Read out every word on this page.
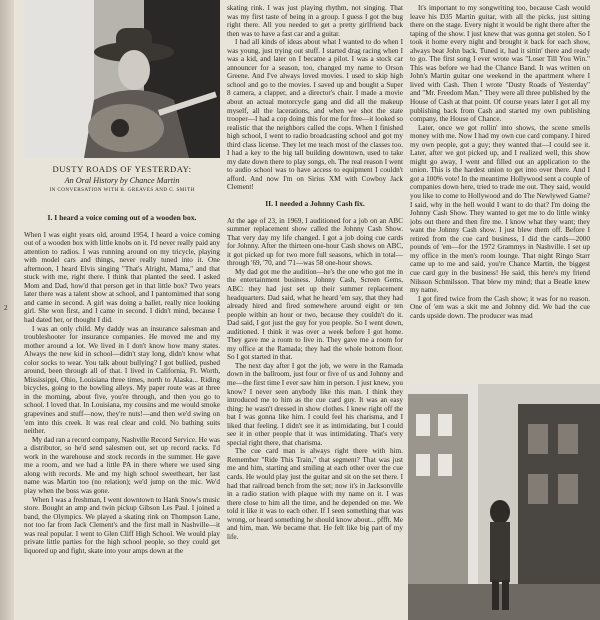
2
DUSTY ROADS OF YESTERDAY:
An Oral History by Chance Martin
IN CONVERSATION WITH B. GREAVES AND C. SMITH
I. I heard a voice coming out of a wooden box.

When I was eight years old, around 1954, I heard a voice coming out of a wooden box with little knobs on it. I'd never really paid any attention to radios. I was running around on my tricycle, playing with model cars and things, never really tuned into it. One afternoon, I heard Elvis singing "That's Alright, Mama," and that stuck with me, right there. I think that planted the seed. I asked Mom and Dad, how'd that person get in that little box? Two years later there was a talent show at school, and I pantomimed that song and came in second. A girl was doing a ballet, really nice looking girl. She won first, and I came in second. I didn't mind, because I had dated her, or thought I did.

I was an only child. My daddy was an insurance salesman and troubleshooter for insurance companies. He moved me and my mother around a lot. We lived in I don't know how many states. Always the new kid in school—didn't stay long, didn't know what color socks to wear. You talk about bullying? I got bullied, pushed around, been through all of that. I lived in California, Ft. Worth, Mississippi, Ohio, Louisiana three times, north to Alaska... Riding bicycles, going to the bowling alleys. My paper route was at three in the morning, about five, you're through, and then you go to school. I loved that. In Louisiana, my cousins and me would smoke grapevines and stuff—now, they're nuts!—and then we'd swing on 'em into this creek. It was real clear and cold. No bathing suits neither.

My dad ran a record company, Nashville Record Service. He was a distributor, so he'd send salesmen out, set up record racks. I'd work in the warehouse and stock records in the summer. He gave me a room, and we had a little PA in there where we used sing along with records. Me and my high school sweetheart, her last name was Martin too (no relation); we'd jump on the mic. We'd play when the boss was gone.

When I was a freshman, I went downtown to Hank Snow's music store. Bought an amp and twin pickup Gibson Les Paul. I joined a band, the Olympics. We played a skating rink on Thompson Lane, not too far from Jack Clement's and the first mall in Nashville—it was real popular. I went to Glen Cliff High School. We would play private little parties for the high school people, so they could get liquored up and fight, skate into your amps down at the

skating rink. I was just playing rhythm, not singing. That was my first taste of being in a group. I guess I got the bug right there. All you needed to get a pretty girlfriend back then was to have a fast car and a guitar.

I had all kinds of ideas about what I wanted to do when I was young, just trying out stuff. I started drag racing when I was a kid, and later on I became a pilot. I was a stock car announcer for a season, too, changed my name to Orson Greene. And I've always loved movies. I used to skip high school and go to the movies. I saved up and bought a Super 8 camera, a clapper, and a director's chair. I made a movie about an actual motorcycle gang and did all the makeup myself, all the lacerations, and when we shot the state trooper—I had a cop doing this for me for free—it looked so realistic that the neighbors called the cops. When I finished high school, I went to radio broadcasting school and got my third class license. They let me teach most of the classes too. I had a key to the big tall building downtown, used to take my date down there to play songs, eh. The real reason I went to audio school was to have access to equipment I couldn't afford. And now I'm on Sirius XM with Cowboy Jack Clement!

II. I needed a Johnny Cash fix.

At the age of 23, in 1969, I auditioned for a job on an ABC summer replacement show called the Johnny Cash Show. That very day my life changed. I got a job doing cue cards for Johnny. After the thirteen one-hour Cash shows on ABC, it got picked up for two more full seasons, which in total—through '69, '70, and '71—was 58 one-hour shows.

My dad got me the audition—he's the one who got me in the entertainment business. Johnny Cash, Screen Gems, ABC: they had just set up their summer replacement headquarters. Dad said, what he heard 'em say, that they had already hired and fired somewhere around eight or ten people within an hour or two, because they couldn't do it. Dad said, I got just the guy for you people. So I went down, auditioned. I think it was over a week before I got home. They gave me a room to live in. They gave me a room for my office at the Ramada; they had the whole bottom floor. So I got started in that.

The next day after I got the job, we were in the Ramada down in the ballroom, just four or five of us and Johnny and me—the first time I ever saw him in person. I just knew, you know? I never seen anybody like this man. I think they introduced me to him as the cue card guy. It was an easy thing: he wasn't dressed in show clothes. I knew right off the bat I was gonna like him. I could feel his charisma, and I liked that feeling. I didn't see it as intimidating, but I could see it in other people that it was intimidating. That's very special right there, that charisma.

The cue card man is always right there with him. Remember "Ride This Train," that segment? That was just me and him, starting and smiling at each other over the cue cards. He would play just the guitar and sit on the set there. I had that railroad bench from the set; now it's in Jacksonville in a radio station with plaque with my name on it. I was there close to him all the time, and he depended on me. We told it like it was to each other. If I seen something that was wrong, or heard something he should know about... pffft. Me and him, man. We became that. He felt like big part of my life.

It's important to my songwriting too, because Cash would leave his D35 Martin guitar, with all the picks, just sitting there on the stage. Every night it would be right there after the taping of the show. I just knew that was gonna get stolen. So I took it home every night and brought it back for each show, always beat John back. Tuned it, had it sittin' there and ready to go. The first song I ever wrote was "Loser Till You Win." This was before we had the Chance Band. It was written on John's Martin guitar one weekend in the apartment where I lived with Cash. Then I wrote "Dusty Roads of Yesterday" and "Mr. Freedom Man." They were all three published by the House of Cash at that point. Of course years later I got all my publishing back from Cash and started my own publishing company, the House of Chance.

Later, once we got rollin' into shows, the scene smells money with me. Now I had my own cue card company. I hired my own people, got a guy; they wanted that—I could see it. Later, after we got picked up, and I realized well, this show might go away, I went and filled out an application to the union. This is the hardest union to get into over there. And I got a 100% vote! In the meantime Hollywood sent a couple of companies down here, tried to trade me out. They said, would you like to come to Hollywood and do The Newlywed Game? I said, why in the hell would I want to do that? I'm doing the Johnny Cash Show. They wanted to get me to do little winky jobs out there and then fire me. I know what they want; they want the Johnny Cash show. I just blew them off. Before I retired from the cue card business, I did the cards—2000 pounds of 'em—for the 1972 Grammys in Nashville. I set up my office in the men's room lounge. That night Ringo Starr came up to me and said, you're Chance Martin, the biggest cue card guy in the business! He said, this here's my friend Nilsson Schmilsson. That blew my mind; that a Beatle knew my name.

I got fired twice from the Cash show; it was for no reason. One of 'em was a skit me and Johnny did. We had the cue cards upside down. The producer was mad
